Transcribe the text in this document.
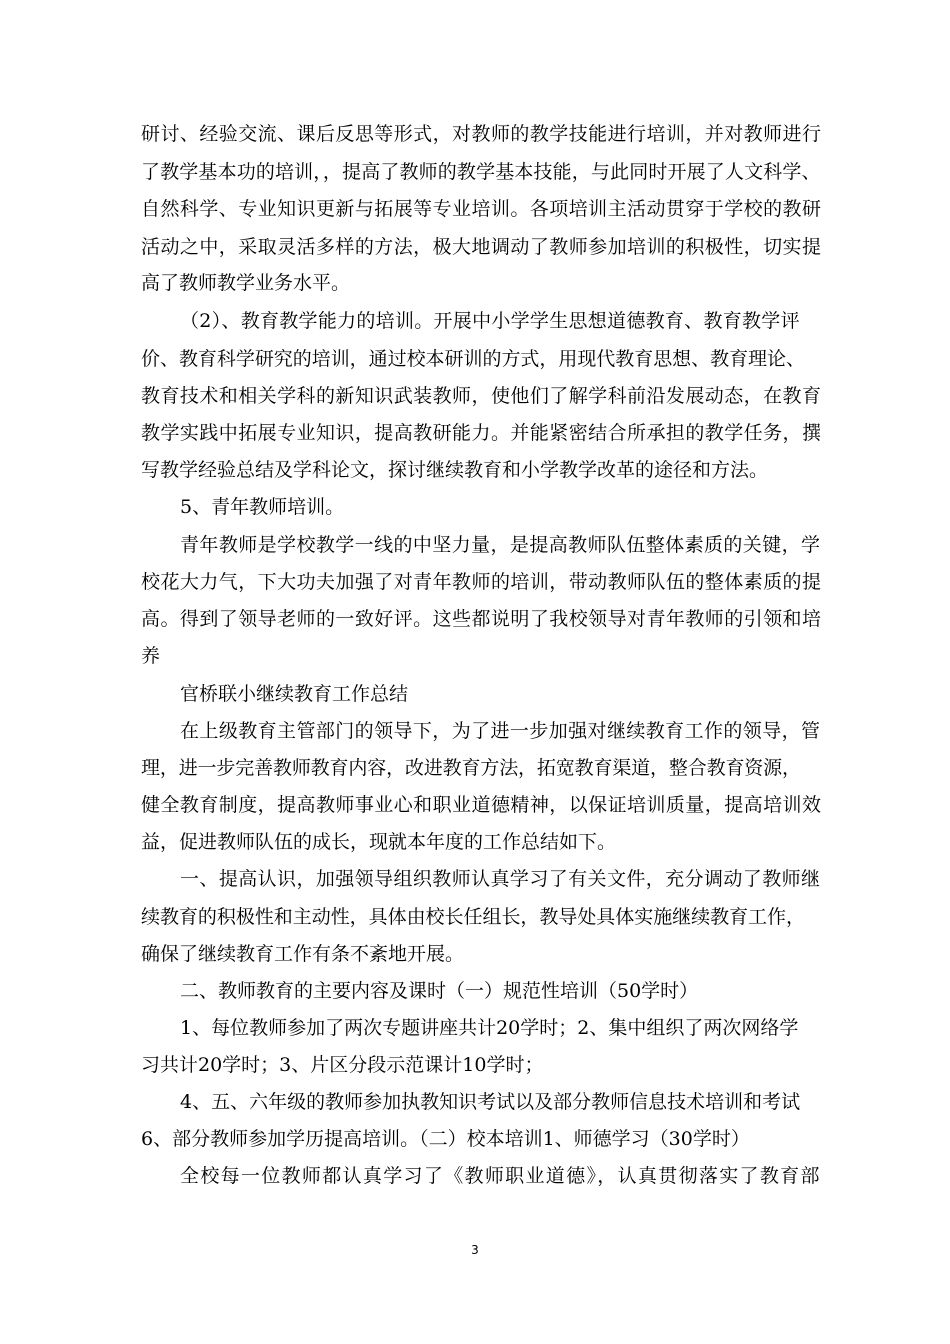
研讨、经验交流、课后反思等形式，对教师的教学技能进行培训，并对教师进行
了教学基本功的培训，，提高了教师的教学基本技能，与此同时开展了人文科学、
自然科学、专业知识更新与拓展等专业培训。各项培训主活动贯穿于学校的教研
活动之中，采取灵活多样的方法，极大地调动了教师参加培训的积极性，切实提
高了教师教学业务水平。
（2）、教育教学能力的培训。开展中小学学生思想道德教育、教育教学评
价、教育科学研究的培训，通过校本研训的方式，用现代教育思想、教育理论、
教育技术和相关学科的新知识武装教师，使他们了解学科前沿发展动态，在教育
教学实践中拓展专业知识，提高教研能力。并能紧密结合所承担的教学任务，撰
写教学经验总结及学科论文，探讨继续教育和小学教学改革的途径和方法。
5、青年教师培训。
青年教师是学校教学一线的中坚力量，是提高教师队伍整体素质的关键，学
校花大力气，下大功夫加强了对青年教师的培训，带动教师队伍的整体素质的提
高。得到了领导老师的一致好评。这些都说明了我校领导对青年教师的引领和培
养
官桥联小继续教育工作总结
在上级教育主管部门的领导下，为了进一步加强对继续教育工作的领导，管
理，进一步完善教师教育内容，改进教育方法，拓宽教育渠道，整合教育资源，
健全教育制度，提高教师事业心和职业道德精神，以保证培训质量，提高培训效
益，促进教师队伍的成长，现就本年度的工作总结如下。
一、提高认识，加强领导组织教师认真学习了有关文件，充分调动了教师继
续教育的积极性和主动性，具体由校长任组长，教导处具体实施继续教育工作，
确保了继续教育工作有条不紊地开展。
二、教师教育的主要内容及课时（一）规范性培训（50学时）
1、每位教师参加了两次专题讲座共计20学时；2、集中组织了两次网络学
习共计20学时；3、片区分段示范课计10学时；
4、五、六年级的教师参加执教知识考试以及部分教师信息技术培训和考试
6、部分教师参加学历提高培训。（二）校本培训1、师德学习（30学时）
全校每一位教师都认真学习了《教师职业道德》，认真贯彻落实了教育部
3
